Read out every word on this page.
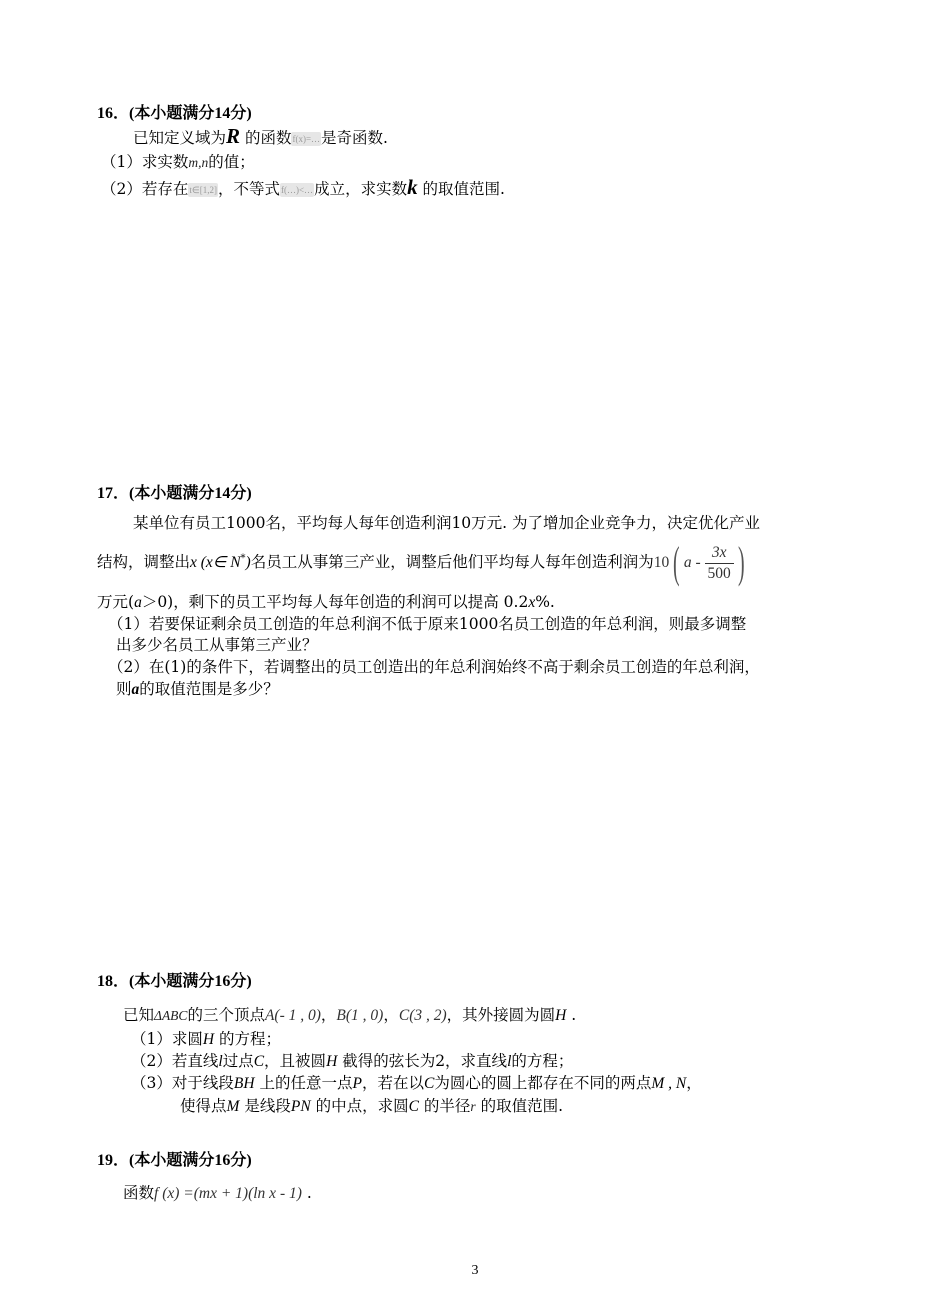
16．(本小题满分14分)
已知定义域为R 的函数f(x)=…是奇函数.
（1）求实数m,n的值；
（2）若存在t∈[1,2]，不等式f(…)<…成立，求实数k 的取值范围.
17．(本小题满分14分)
某单位有员工1000名，平均每人每年创造利润10万元. 为了增加企业竞争力，决定优化产业
结构，调整出x (x∈ N*)名员工从事第三产业，调整后他们平均每人每年创造利润为10( a - $\frac{3x}{500}$ )
万元(a＞0)，剩下的员工平均每人每年创造的利润可以提高 0.2x%.
（1）若要保证剩余员工创造的年总利润不低于原来1000名员工创造的年总利润，则最多调整
出多少名员工从事第三产业？
（2）在(1)的条件下，若调整出的员工创造出的年总利润始终不高于剩余员工创造的年总利润，
则a的取值范围是多少？
18．(本小题满分16分)
已知ΔABC的三个顶点A(- 1 , 0)，B(1 , 0)，C(3 , 2)，其外接圆为圆H .
（1）求圆H 的方程；
（2）若直线l过点C，且被圆H 截得的弦长为2，求直线l的方程；
（3）对于线段BH 上的任意一点P，若在以C为圆心的圆上都存在不同的两点M , N，
使得点M 是线段PN 的中点，求圆C 的半径r 的取值范围.
19．(本小题满分16分)
函数f (x) =(mx + 1)(ln x - 1) .
3
